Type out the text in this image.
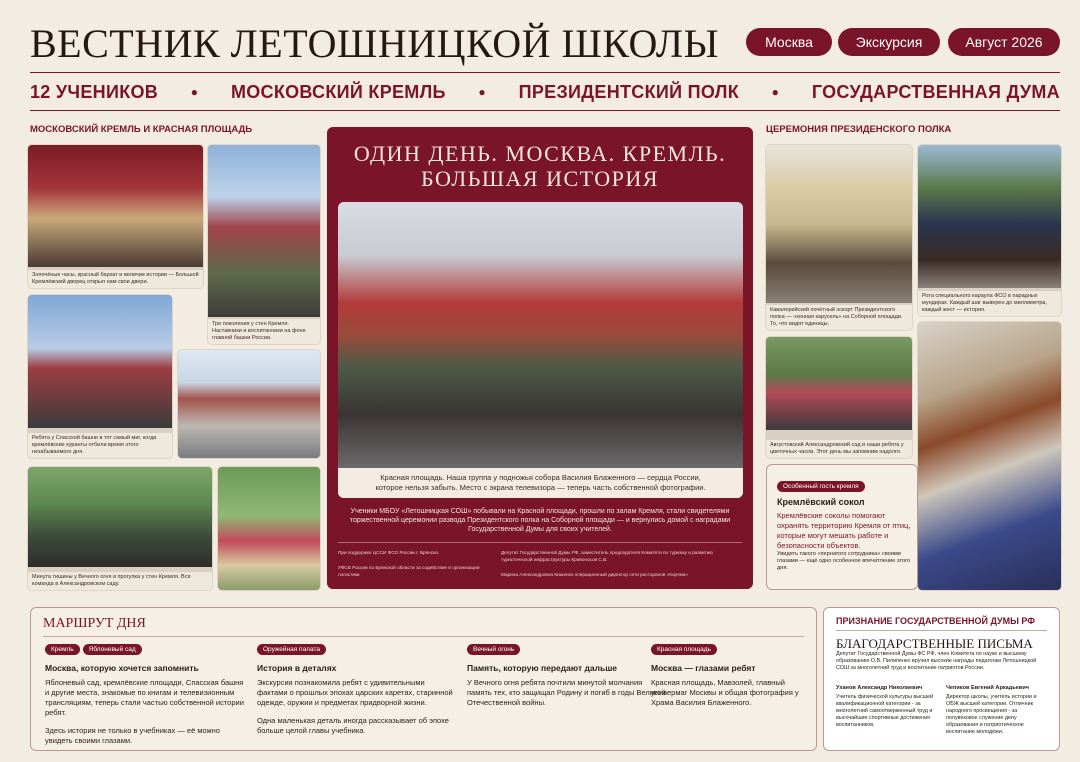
ВЕСТНИК ЛЕТОШНИЦКОЙ ШКОЛЫ	Москва	Экскурсия	Август 2026
12 УЧЕНИКОВ	● МОСКОВСКИЙ КРЕМЛЬ	● ПРЕЗИДЕНТСКИЙ ПОЛК	● ГОСУДАРСТВЕННАЯ ДУМА
МОСКОВСКИЙ КРЕМЛЬ И КРАСНАЯ ПЛОЩАДЬ
Золочёные часы, красный бархат и величие истории — Большой Кремлёвский дворец открыл нам свои двери.
Три поколения у стен Кремля. Наставники и воспитанники на фоне главной башни России.
Ребята у Спасской башни в тот самый миг, когда кремлёвские куранты отбили время этого незабываемого дня.
Минута тишины у Вечного огня и прогулка у стен Кремля. Вся команда в Александровском саду.
ОДИН ДЕНЬ. МОСКВА. КРЕМЛЬ.
БОЛЬШАЯ ИСТОРИЯ
Красная площадь. Наша группа у подножья собора Василия Блаженного — сердца России, которое нельзя забыть. Место с экрана телевизора — теперь часть собственной фотографии.
Ученики МБОУ «Летошницкая СОШ» побывали на Красной площади, прошли по залам Кремля, стали свидетелями торжественной церемонии развода Президентского полка на Соборной площади — и вернулись домой с наградами Государственной Думы для своих учителей.
При поддержке ЦССИ ФСО России г. Брянска.
УФСБ России по Брянской области за содействие в организации логистики
Депутат Государственной Думы РФ, заместитель председателя Комитета по туризму и развитию туристической инфраструктуры Кривоносов С.В.
Марина Александровна Кишенко операционный директор сети ресторанов «Корчма»
ЦЕРЕМОНИЯ ПРЕЗИДЕНСКОГО ПОЛКА
Кавалерийский почётный эскорт Президентского полка — «конная карусель» на Соборной площади. То, что видят единицы.
Рота специального караула ФСО в парадных мундирах. Каждый шаг выверен до миллиметра, каждый жест — история.
Августовский Александровский сад и наши ребята у цветочных часов. Этот день мы запомним надолго.
Особенный гость кремля
Кремлёвский сокол
Кремлёвские соколы помогают охранять территорию Кремля от птиц, которые могут мешать работе и безопасности объектов.
Увидеть такого «пернатого сотрудника» своими глазами — ещё одно особенное впечатление этого дня.
МАРШРУТ ДНЯ
Кремль Яблоневый сад
Москва, которую хочется запомнить
Яблоневый сад, кремлёвские площади, Спасская башня и другие места, знакомые по книгам и телевизионным трансляциям, теперь стали частью собственной истории ребят.
Здесь история не только в учебниках — её можно увидеть своими глазами.
Оружейная палата
История в деталях
Экскурсия познакомила ребят с удивительными фактами о прошлых эпохах царских каретах, старинной одежде, оружии и предметах придворной жизни.
Одна маленькая деталь иногда рассказывает об эпохе больше целой главы учебника.
Вечный огонь
Память, которую передают дальше
У Вечного огня ребята почтили минутой молчания память тех, кто защищал Родину и погиб в годы Великой Отечественной войны.
Красная площадь
Москва — глазами ребят
Красная площадь, Мавзолей, главный универмаг Москвы и общая фотография у Храма Василия Блаженного.
ПРИЗНАНИЕ ГОСУДАРСТВЕННОЙ ДУМЫ РФ
БЛАГОДАРСТВЕННЫЕ ПИСЬМА
Депутат Государственной Думы ФС РФ, член Комитета по науке и высшему образованию О.В. Пилипенко вручил высокие награды педагогам Летошницкой СОШ за многолетний труд и воспитание патриотов России.
Уханов Александр Николаевич
Учитель физической культуры высшей квалификационной категории - за многолетний самоотверженный труд и высочайшие спортивные достижения воспитанников.
Чепиков Евгений Аркадьевич
Директор школы, учитель истории и ОБЖ высшей категории. Отличник народного просвещения - за полувековое служение делу образования и патриотическое воспитание молодёжи.
